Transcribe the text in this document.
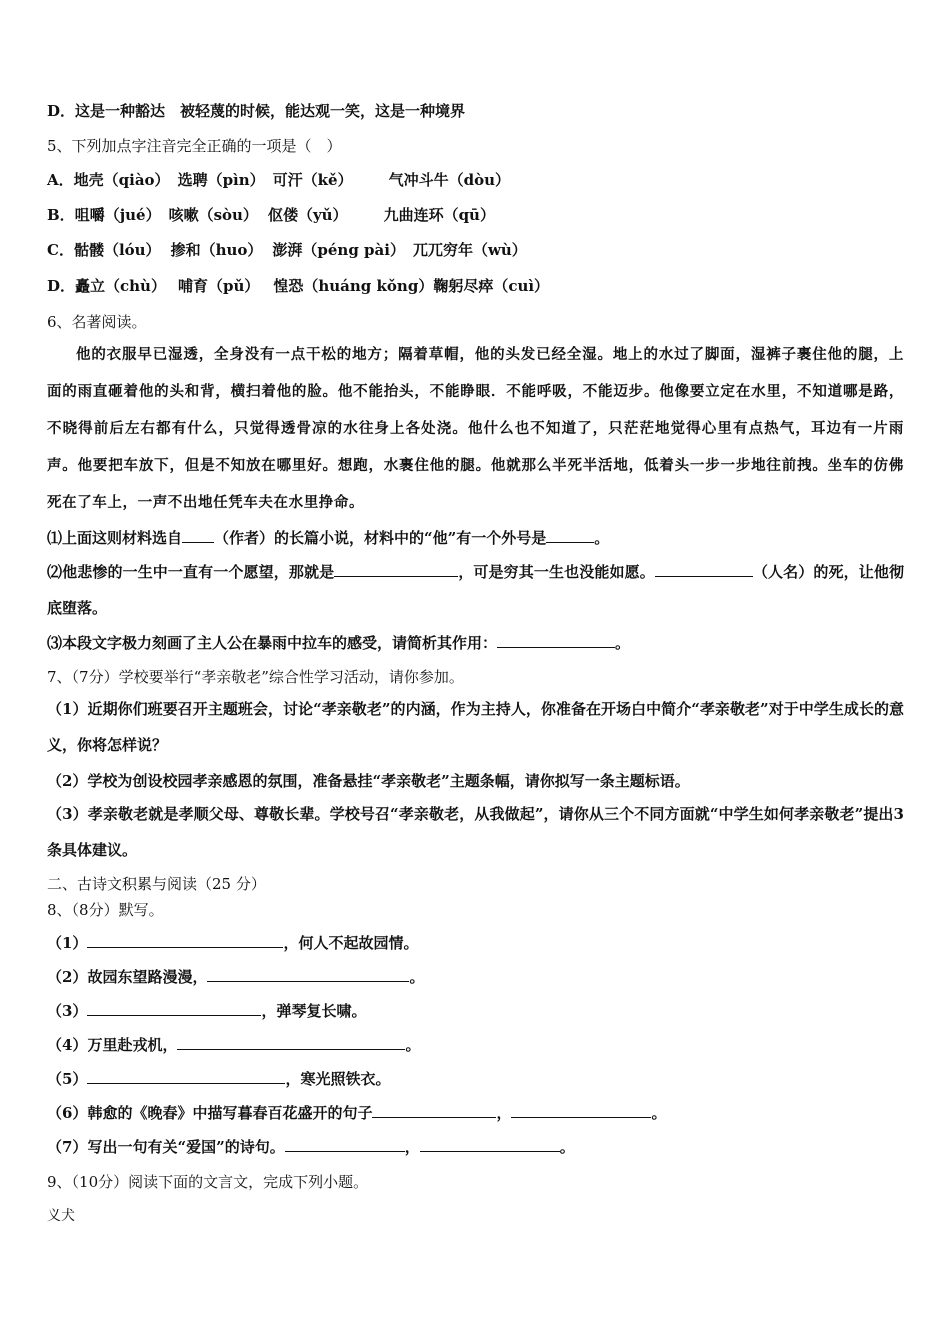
D．这是一种豁达　被轻蔑的时候，能达观一笑，这是一种境界
5、下列加点字注音完全正确的一项是（　）
A．地壳（qiào） 选聘（pìn） 可汗（kě） 气冲斗牛（dòu）
B．咀嚼（jué） 咳嗽（sòu） 伛偻（yǔ） 九曲连环（qū）
C．骷髅（lóu） 掺和（huo） 澎湃（péng pài） 兀兀穷年（wù）
D．矗立（chù） 哺育（pǔ） 惶恐（huáng kǒng）鞠躬尽瘁（cuì）
6、名著阅读。
他的衣服早已湿透，全身没有一点干松的地方；隔着草帽，他的头发已经全湿。地上的水过了脚面，湿裤子裹住他的腿，上面的雨直砸着他的头和背，横扫着他的脸。他不能抬头，不能睁眼．不能呼吸，不能迈步。他像要立定在水里，不知道哪是路，不晓得前后左右都有什么，只觉得透骨凉的水往身上各处浇。他什么也不知道了，只茫茫地觉得心里有点热气，耳边有一片雨声。他要把车放下，但是不知放在哪里好。想跑，水裹住他的腿。他就那么半死半活地，低着头一步一步地往前拽。坐车的仿佛死在了车上，一声不出地任凭车夫在水里挣命。
⑴上面这则材料选自 （作者）的长篇小说，材料中的“他”有一个外号是	。
⑵他悲惨的一生中一直有一个愿望，那就是	，可是穷其一生也没能如愿。	（人名）的死，让他彻底堕落。
⑶本段文字极力刻画了主人公在暴雨中拉车的感受，请简析其作用：	。
7、（7分）学校要举行“孝亲敬老”综合性学习活动，请你参加。
（1）近期你们班要召开主题班会，讨论“孝亲敬老”的内涵，作为主持人，你准备在开场白中简介“孝亲敬老”对于中学生成长的意义，你将怎样说？
（2）学校为创设校园孝亲感恩的氛围，准备悬挂“孝亲敬老”主题条幅，请你拟写一条主题标语。
（3）孝亲敬老就是孝顺父母、尊敬长辈。学校号召“孝亲敬老，从我做起”，请你从三个不同方面就“中学生如何孝亲敬老”提出3条具体建议。
二、古诗文积累与阅读（25 分）
8、（8分）默写。
（1）	，何人不起故园情。
（2）故园东望路漫漫，	。
（3）	，弹琴复长啸。
（4）万里赴戎机，	。
（5）	，寒光照铁衣。
（6）韩愈的《晚春》中描写暮春百花盛开的句子	，	。
（7）写出一句有关“爱国”的诗句。	，	。
9、（10分）阅读下面的文言文，完成下列小题。
义犬
